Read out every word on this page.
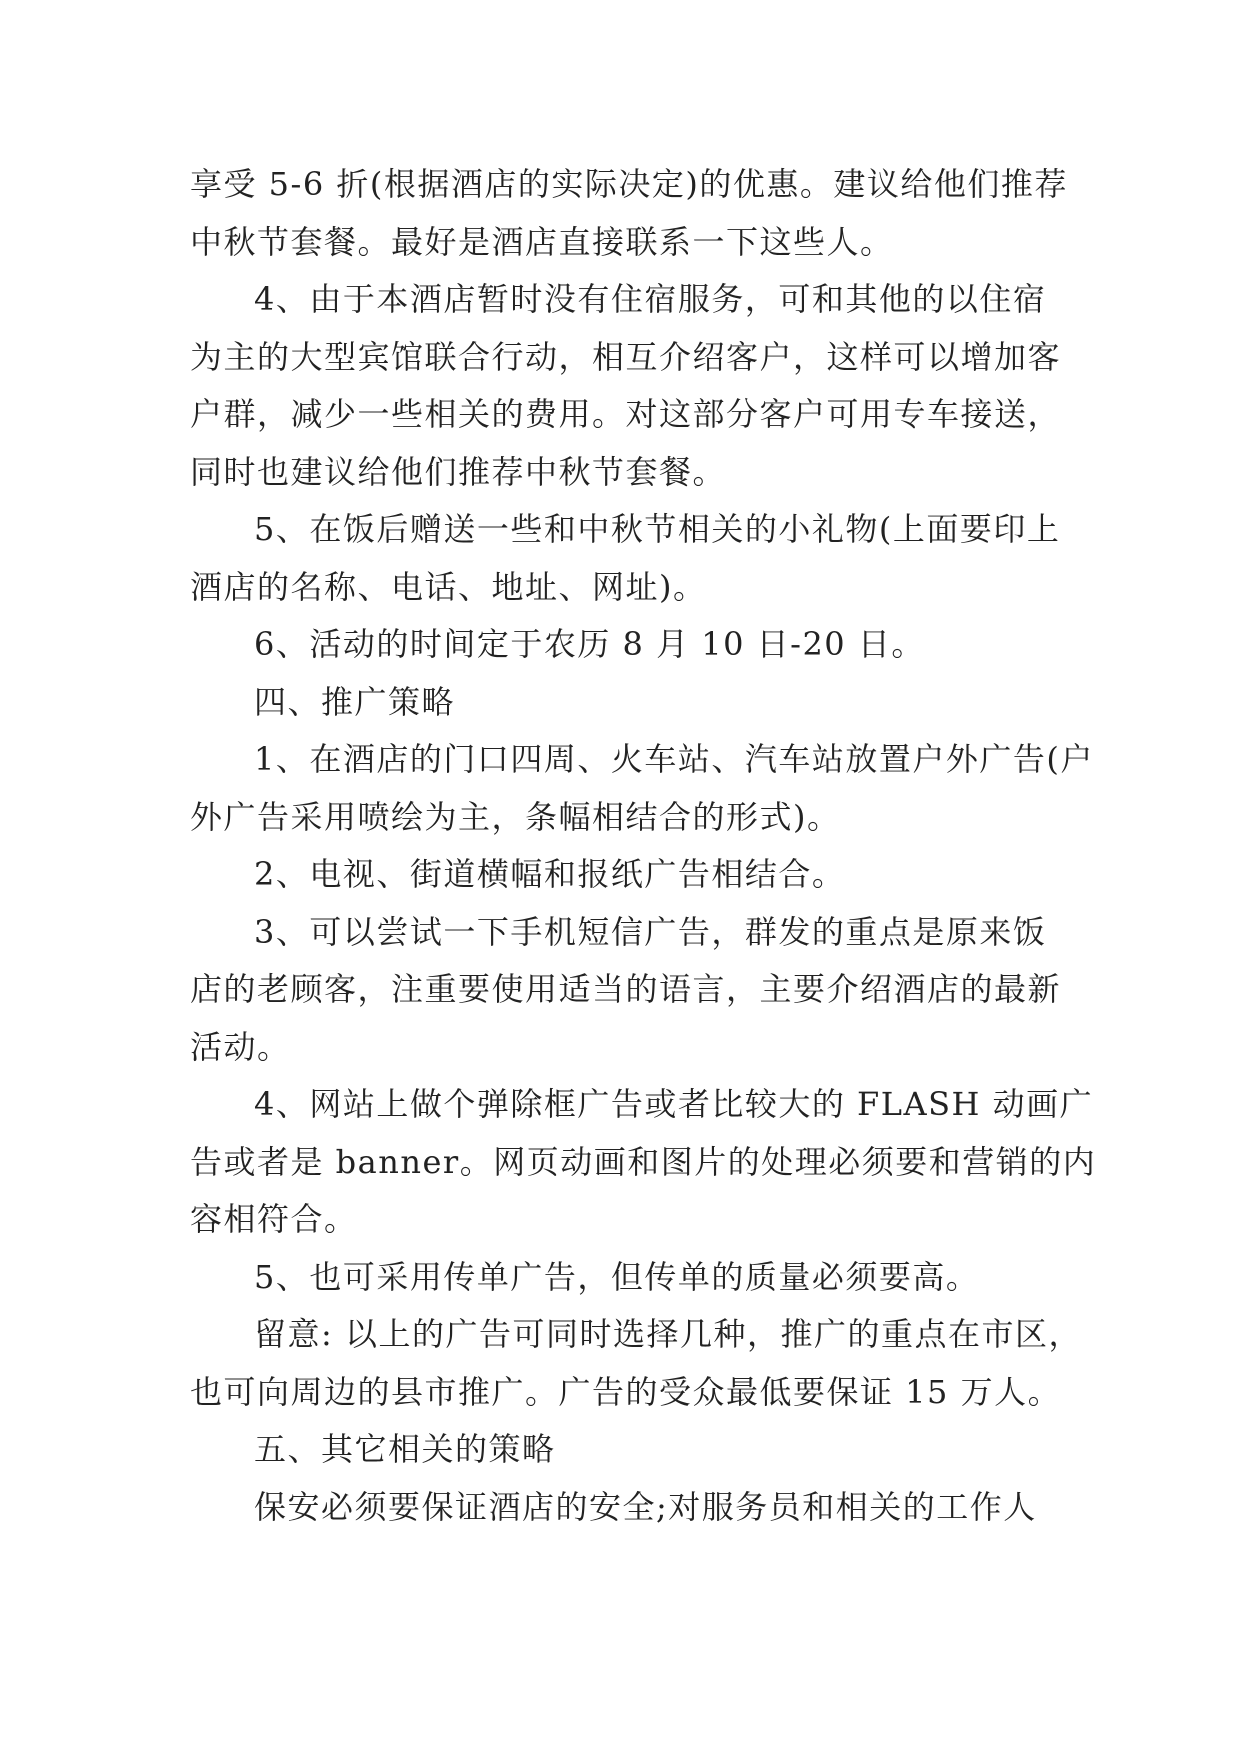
享受 5-6 折(根据酒店的实际决定)的优惠。建议给他们推荐
中秋节套餐。最好是酒店直接联系一下这些人。
4、由于本酒店暂时没有住宿服务，可和其他的以住宿
为主的大型宾馆联合行动，相互介绍客户，这样可以增加客
户群，减少一些相关的费用。对这部分客户可用专车接送，
同时也建议给他们推荐中秋节套餐。
5、在饭后赠送一些和中秋节相关的小礼物(上面要印上
酒店的名称、电话、地址、网址)。
6、活动的时间定于农历 8 月 10 日-20 日。
四、推广策略
1、在酒店的门口四周、火车站、汽车站放置户外广告(户
外广告采用喷绘为主，条幅相结合的形式)。
2、电视、街道横幅和报纸广告相结合。
3、可以尝试一下手机短信广告，群发的重点是原来饭
店的老顾客，注重要使用适当的语言，主要介绍酒店的最新
活动。
4、网站上做个弹除框广告或者比较大的 FLASH 动画广
告或者是 banner。网页动画和图片的处理必须要和营销的内
容相符合。
5、也可采用传单广告，但传单的质量必须要高。
留意: 以上的广告可同时选择几种，推广的重点在市区，
也可向周边的县市推广。广告的受众最低要保证 15 万人。
五、其它相关的策略
保安必须要保证酒店的安全;对服务员和相关的工作人
